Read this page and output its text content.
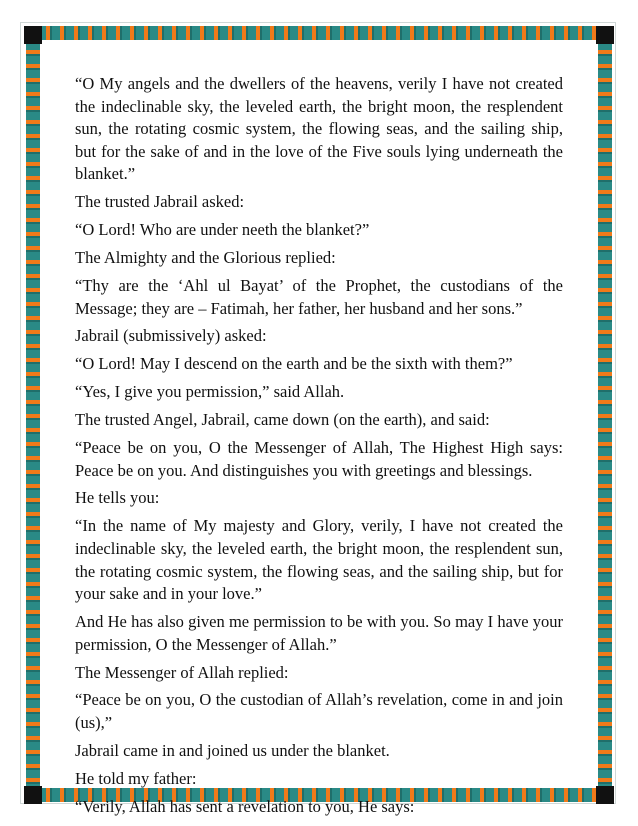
“O My angels and the dwellers of the heavens, verily I have not created the indeclinable sky, the leveled earth, the bright moon, the resplendent sun, the rotating cosmic system, the flowing seas, and the sailing ship, but for the sake of and in the love of the Five souls lying underneath the blanket.”

The trusted Jabrail asked:

“O Lord! Who are under neeth the blanket?”

The Almighty and the Glorious replied:

“Thy are the ‘Ahl ul Bayat’ of the Prophet, the custodians of the Message; they are – Fatimah, her father, her husband and her sons.”

Jabrail (submissively) asked:

“O Lord! May I descend on the earth and be the sixth with them?”

“Yes, I give you permission,” said Allah.

The trusted Angel, Jabrail, came down (on the earth), and said:

“Peace be on you, O the Messenger of Allah, The Highest High says: Peace be on you. And distinguishes you with greetings and blessings.

He tells you:

“In the name of My majesty and Glory, verily, I have not created the indeclinable sky, the leveled earth, the bright moon, the resplendent sun, the rotating cosmic system, the flowing seas, and the sailing ship, but for your sake and in your love.”

And He has also given me permission to be with you. So may I have your permission, O the Messenger of Allah.”

The Messenger of Allah replied:

“Peace be on you, O the custodian of Allah’s revelation, come in and join (us),”

Jabrail came in and joined us under the blanket.

He told my father:

“Verily, Allah has sent a revelation to you, He says:
